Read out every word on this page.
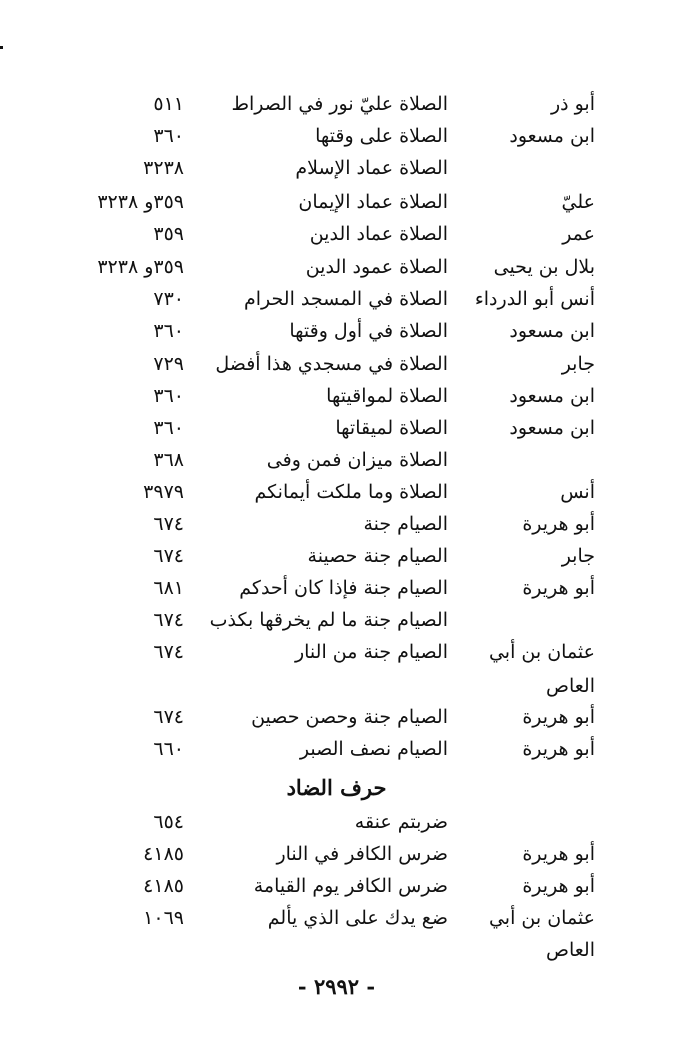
أبو ذر
الصلاة عليّ نور في الصراط
٥١١
ابن مسعود
الصلاة على وقتها
٣٦٠
الصلاة عماد الإسلام
٣٢٣٨
عليّ
الصلاة عماد الإيمان
٣٥٩و ٣٢٣٨
عمر
الصلاة عماد الدين
٣٥٩
بلال بن يحيى
الصلاة عمود الدين
٣٥٩و ٣٢٣٨
أنس أبو الدرداء
الصلاة في المسجد الحرام
٧٣٠
ابن مسعود
الصلاة في أول وقتها
٣٦٠
جابر
الصلاة في مسجدي هذا أفضل
٧٢٩
ابن مسعود
الصلاة لمواقيتها
٣٦٠
ابن مسعود
الصلاة لميقاتها
٣٦٠
الصلاة ميزان فمن وفى
٣٦٨
أنس
الصلاة وما ملكت أيمانكم
٣٩٧٩
أبو هريرة
الصيام جنة
٦٧٤
جابر
الصيام جنة حصينة
٦٧٤
أبو هريرة
الصيام جنة فإذا كان أحدكم
٦٨١
الصيام جنة ما لم يخرقها بكذب
٦٧٤
عثمان بن أبي
الصيام جنة من النار
٦٧٤
العاص
أبو هريرة
الصيام جنة وحصن حصين
٦٧٤
أبو هريرة
الصيام نصف الصبر
٦٦٠
حرف الضاد
ضربتم عنقه
٦٥٤
أبو هريرة
ضرس الكافر في النار
٤١٨٥
أبو هريرة
ضرس الكافر يوم القيامة
٤١٨٥
عثمان بن أبي
ضع يدك على الذي يألم
١٠٦٩
العاص
- ٢٩٩٢ -
